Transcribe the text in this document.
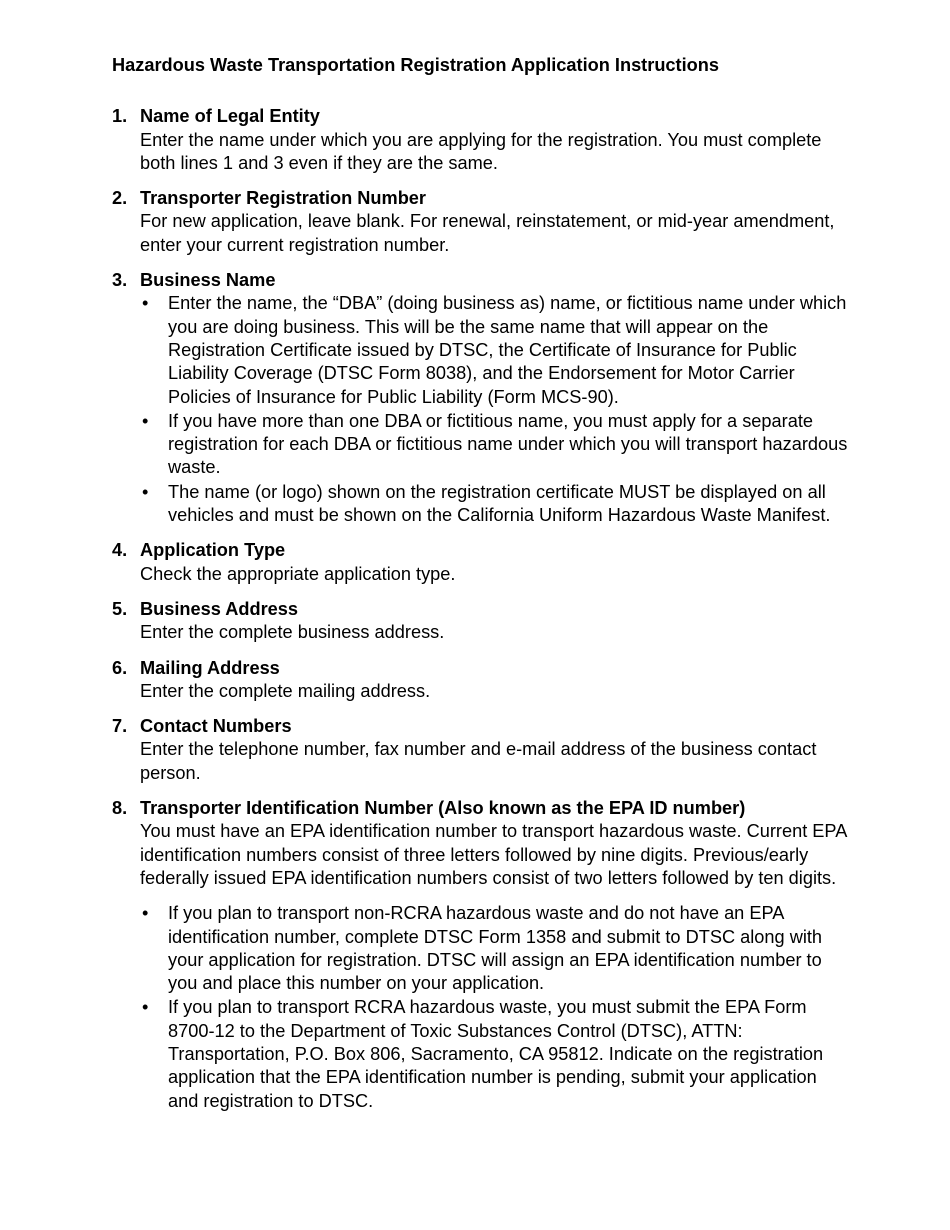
Hazardous Waste Transportation Registration Application Instructions
1. Name of Legal Entity

Enter the name under which you are applying for the registration. You must complete both lines 1 and 3 even if they are the same.

2. Transporter Registration Number

For new application, leave blank. For renewal, reinstatement, or mid-year amendment, enter your current registration number.

3. Business Name
• Enter the name, the “DBA” (doing business as) name, or fictitious name under which you are doing business. This will be the same name that will appear on the Registration Certificate issued by DTSC, the Certificate of Insurance for Public Liability Coverage (DTSC Form 8038), and the Endorsement for Motor Carrier Policies of Insurance for Public Liability (Form MCS-90).
• If you have more than one DBA or fictitious name, you must apply for a separate registration for each DBA or fictitious name under which you will transport hazardous waste.
• The name (or logo) shown on the registration certificate MUST be displayed on all vehicles and must be shown on the California Uniform Hazardous Waste Manifest.
4. Application Type

Check the appropriate application type.

5. Business Address

Enter the complete business address.

6. Mailing Address

Enter the complete mailing address.

7. Contact Numbers

Enter the telephone number, fax number and e-mail address of the business contact person.

8. Transporter Identification Number (Also known as the EPA ID number)

You must have an EPA identification number to transport hazardous waste. Current EPA identification numbers consist of three letters followed by nine digits. Previous/early federally issued EPA identification numbers consist of two letters followed by ten digits.

• If you plan to transport non-RCRA hazardous waste and do not have an EPA identification number, complete DTSC Form 1358 and submit to DTSC along with your application for registration. DTSC will assign an EPA identification number to you and place this number on your application.
• If you plan to transport RCRA hazardous waste, you must submit the EPA Form 8700-12 to the Department of Toxic Substances Control (DTSC), ATTN: Transportation, P.O. Box 806, Sacramento, CA 95812. Indicate on the registration application that the EPA identification number is pending, submit your application and registration to DTSC.
